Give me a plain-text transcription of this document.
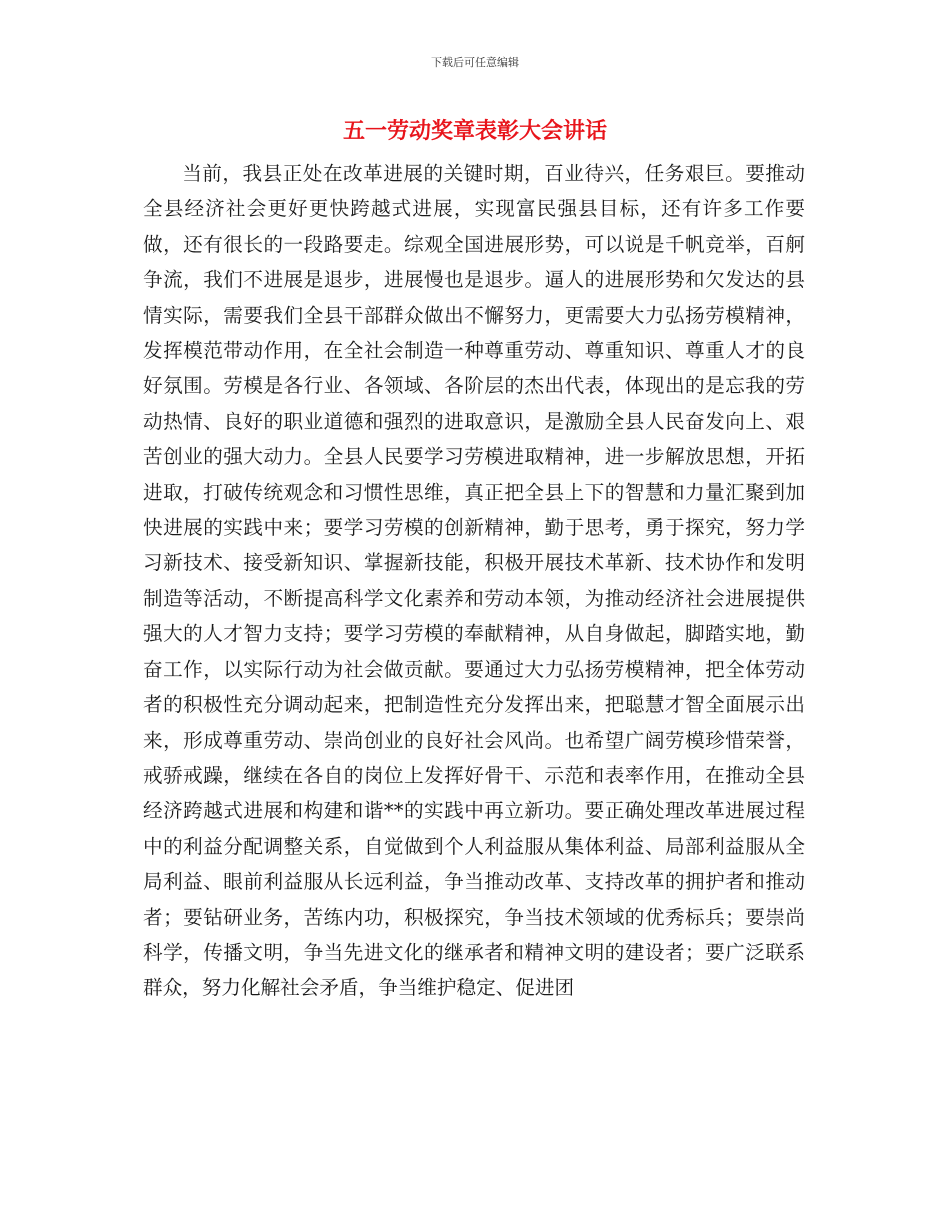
下载后可任意编辑
五一劳动奖章表彰大会讲话

当前，我县正处在改革进展的关键时期，百业待兴，任务艰巨。要推动全县经济社会更好更快跨越式进展，实现富民强县目标，还有许多工作要做，还有很长的一段路要走。综观全国进展形势，可以说是千帆竞举，百舸争流，我们不进展是退步，进展慢也是退步。逼人的进展形势和欠发达的县情实际，需要我们全县干部群众做出不懈努力，更需要大力弘扬劳模精神，发挥模范带动作用，在全社会制造一种尊重劳动、尊重知识、尊重人才的良好氛围。劳模是各行业、各领域、各阶层的杰出代表，体现出的是忘我的劳动热情、良好的职业道德和强烈的进取意识，是激励全县人民奋发向上、艰苦创业的强大动力。全县人民要学习劳模进取精神，进一步解放思想，开拓进取，打破传统观念和习惯性思维，真正把全县上下的智慧和力量汇聚到加快进展的实践中来；要学习劳模的创新精神，勤于思考，勇于探究，努力学习新技术、接受新知识、掌握新技能，积极开展技术革新、技术协作和发明制造等活动，不断提高科学文化素养和劳动本领，为推动经济社会进展提供强大的人才智力支持；要学习劳模的奉献精神，从自身做起，脚踏实地，勤奋工作，以实际行动为社会做贡献。要通过大力弘扬劳模精神，把全体劳动者的积极性充分调动起来，把制造性充分发挥出来，把聪慧才智全面展示出来，形成尊重劳动、崇尚创业的良好社会风尚。也希望广阔劳模珍惜荣誉，戒骄戒躁，继续在各自的岗位上发挥好骨干、示范和表率作用，在推动全县经济跨越式进展和构建和谐**的实践中再立新功。要正确处理改革进展过程中的利益分配调整关系，自觉做到个人利益服从集体利益、局部利益服从全局利益、眼前利益服从长远利益，争当推动改革、支持改革的拥护者和推动者；要钻研业务，苦练内功，积极探究，争当技术领域的优秀标兵；要崇尚科学，传播文明，争当先进文化的继承者和精神文明的建设者；要广泛联系群众，努力化解社会矛盾，争当维护稳定、促进团
